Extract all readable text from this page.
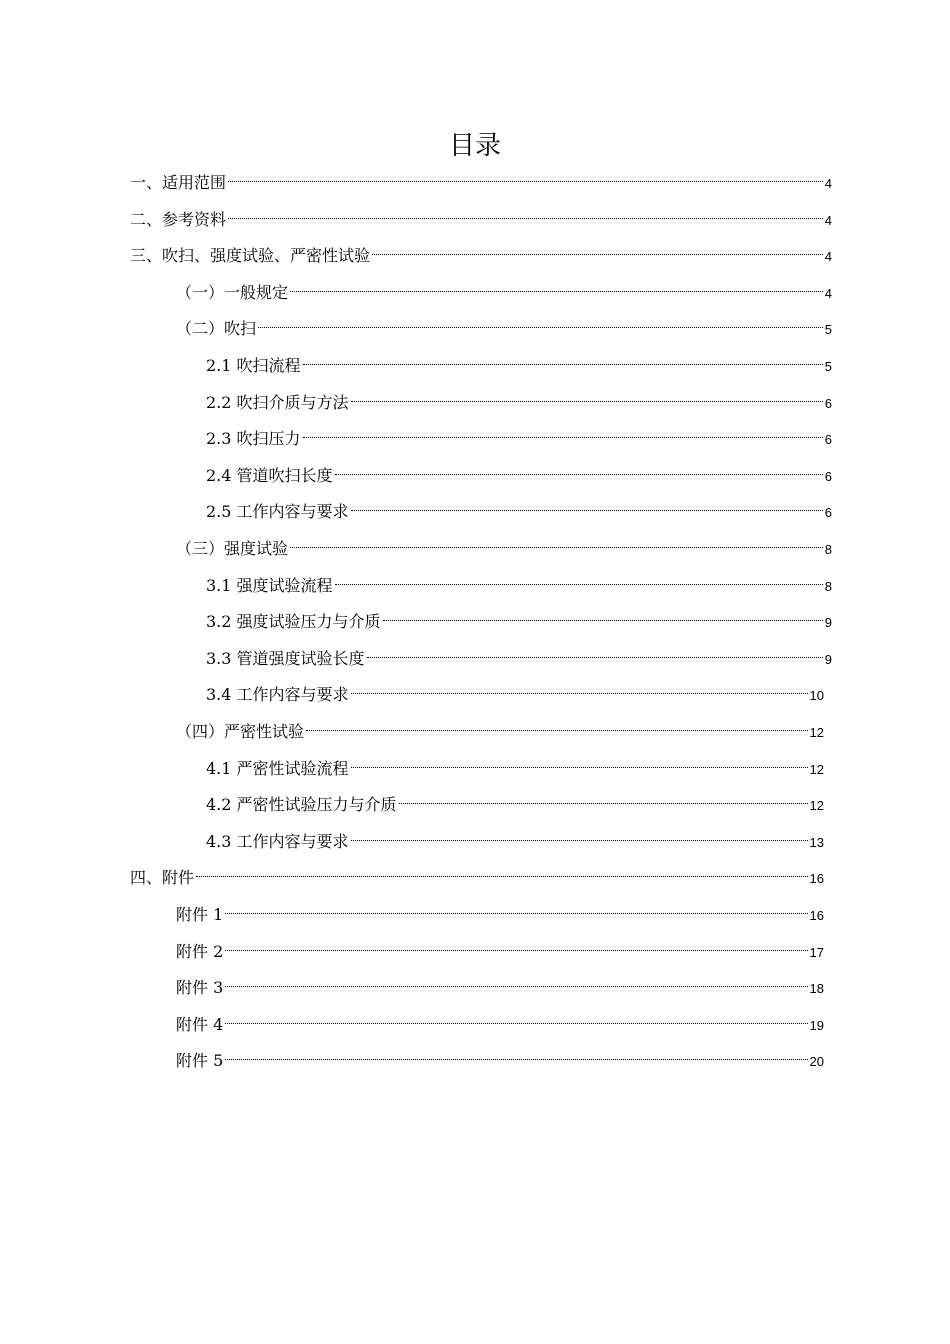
目录
一、适用范围	4
二、参考资料	4
三、吹扫、强度试验、严密性试验	4
（一）一般规定	4
（二）吹扫	5
2.1 吹扫流程	5
2.2 吹扫介质与方法	6
2.3 吹扫压力	6
2.4 管道吹扫长度	6
2.5 工作内容与要求	6
（三）强度试验	8
3.1 强度试验流程	8
3.2 强度试验压力与介质	9
3.3 管道强度试验长度	9
3.4 工作内容与要求	10
（四）严密性试验	12
4.1 严密性试验流程	12
4.2 严密性试验压力与介质	12
4.3 工作内容与要求	13
四、附件	16
附件 1	16
附件 2	17
附件 3	18
附件 4	19
附件 5	20
